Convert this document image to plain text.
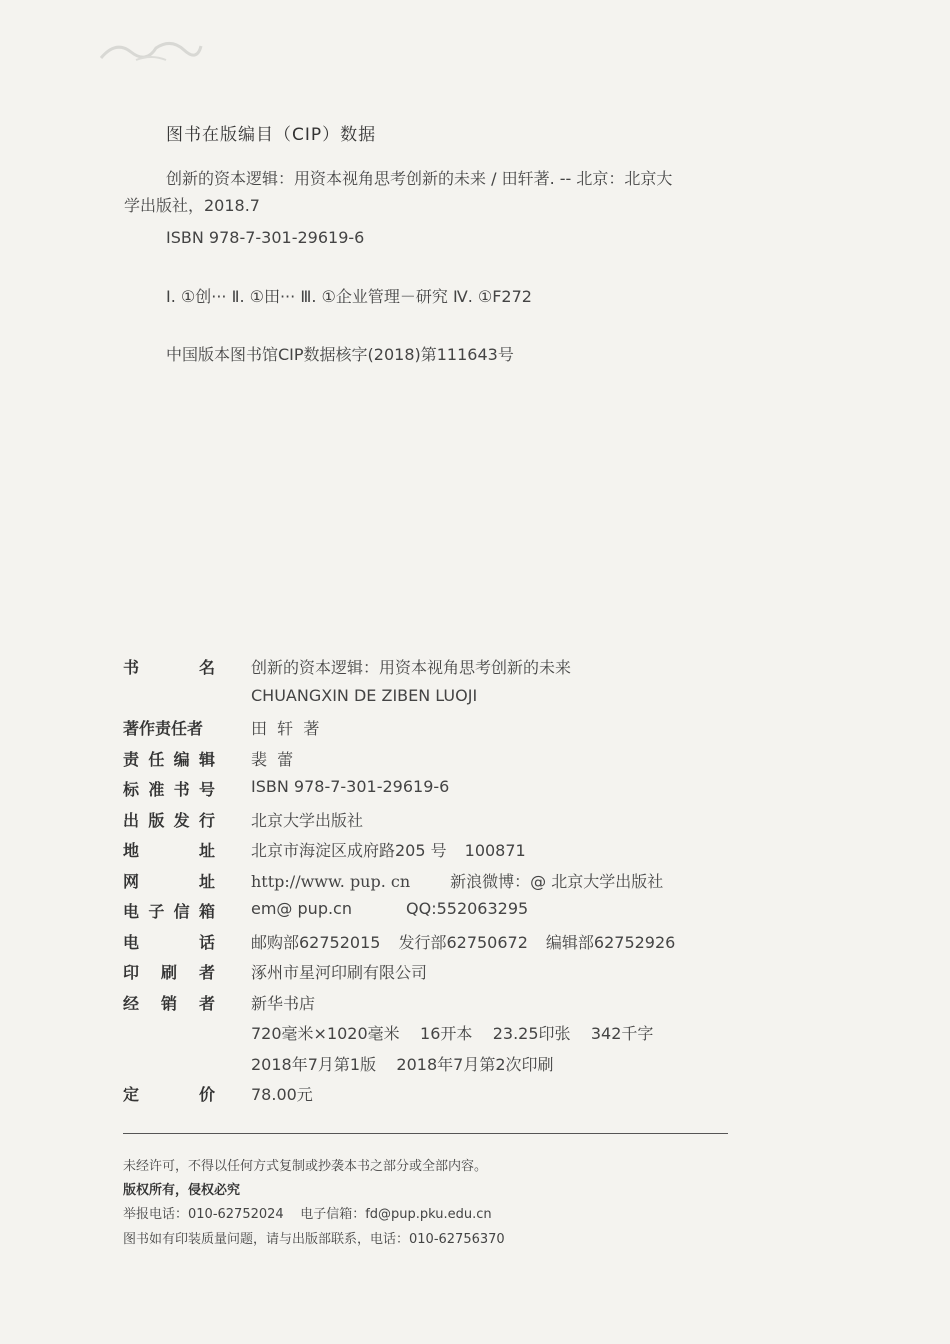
图书在版编目（CIP）数据
创新的资本逻辑：用资本视角思考创新的未来 / 田轩著. -- 北京：北京大
学出版社，2018.7
ISBN 978-7-301-29619-6
Ⅰ. ①创··· Ⅱ. ①田··· Ⅲ. ①企业管理－研究 Ⅳ. ①F272
中国版本图书馆CIP数据核字(2018)第111643号
书	名 创新的资本逻辑：用资本视角思考创新的未来
CHUANGXIN DE ZIBEN LUOJI
著作责任者	田  轩  著
责 任 编 辑 裴  蕾
标 准 书 号 ISBN 978-7-301-29619-6
出 版 发 行 北京大学出版社
地	址 北京市海淀区成府路205 号 100871
网	址 http://www. pup. cn	新浪微博：@ 北京大学出版社
电 子 信 箱 em@ pup.cn	QQ:552063295
电	话 邮购部62752015 发行部62750672 编辑部62752926
印 刷 者 涿州市星河印刷有限公司
经 销 者 新华书店
720毫米×1020毫米    16开本    23.25印张    342千字
2018年7月第1版    2018年7月第2次印刷
定	价 78.00元
未经许可，不得以任何方式复制或抄袭本书之部分或全部内容。
版权所有，侵权必究
举报电话：010-62752024    电子信箱：fd@pup.pku.edu.cn
图书如有印装质量问题，请与出版部联系，电话：010-62756370
